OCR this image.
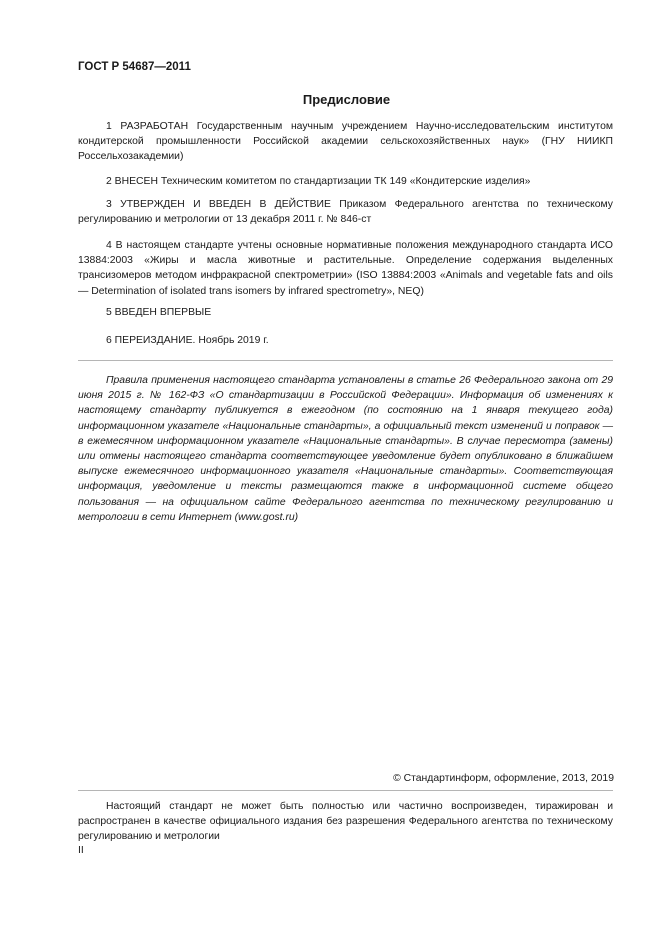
ГОСТ Р 54687—2011
Предисловие

1 РАЗРАБОТАН Государственным научным учреждением Научно-исследовательским институтом кондитерской промышленности Российской академии сельскохозяйственных наук» (ГНУ НИИКП Россельхозакадемии)

2 ВНЕСЕН Техническим комитетом по стандартизации ТК 149 «Кондитерские изделия»

3 УТВЕРЖДЕН И ВВЕДЕН В ДЕЙСТВИЕ Приказом Федерального агентства по техническому регулированию и метрологии от 13 декабря 2011 г. № 846-ст

4 В настоящем стандарте учтены основные нормативные положения международного стандарта ИСО 13884:2003 «Жиры и масла животные и растительные. Определение содержания выделенных трансизомеров методом инфракрасной спектрометрии» (ISO 13884:2003 «Animals and vegetable fats and oils — Determination of isolated trans isomers by infrared spectrometry», NEQ)

5 ВВЕДЕН ВПЕРВЫЕ

6 ПЕРЕИЗДАНИЕ. Ноябрь 2019 г.

Правила применения настоящего стандарта установлены в статье 26 Федерального закона от 29 июня 2015 г. № 162-ФЗ «О стандартизации в Российской Федерации». Информация об изменениях к настоящему стандарту публикуется в ежегодном (по состоянию на 1 января текущего года) информационном указателе «Национальные стандарты», а официальный текст изменений и поправок — в ежемесячном информационном указателе «Национальные стандарты». В случае пересмотра (замены) или отмены настоящего стандарта соответствующее уведомление будет опубликовано в ближайшем выпуске ежемесячного информационного указателя «Национальные стандарты». Соответствующая информация, уведомление и тексты размещаются также в информационной системе общего пользования — на официальном сайте Федерального агентства по техническому регулированию и метрологии в сети Интернет (www.gost.ru)

© Стандартинформ, оформление, 2013, 2019

Настоящий стандарт не может быть полностью или частично воспроизведен, тиражирован и распространен в качестве официального издания без разрешения Федерального агентства по техническому регулированию и метрологии

II
